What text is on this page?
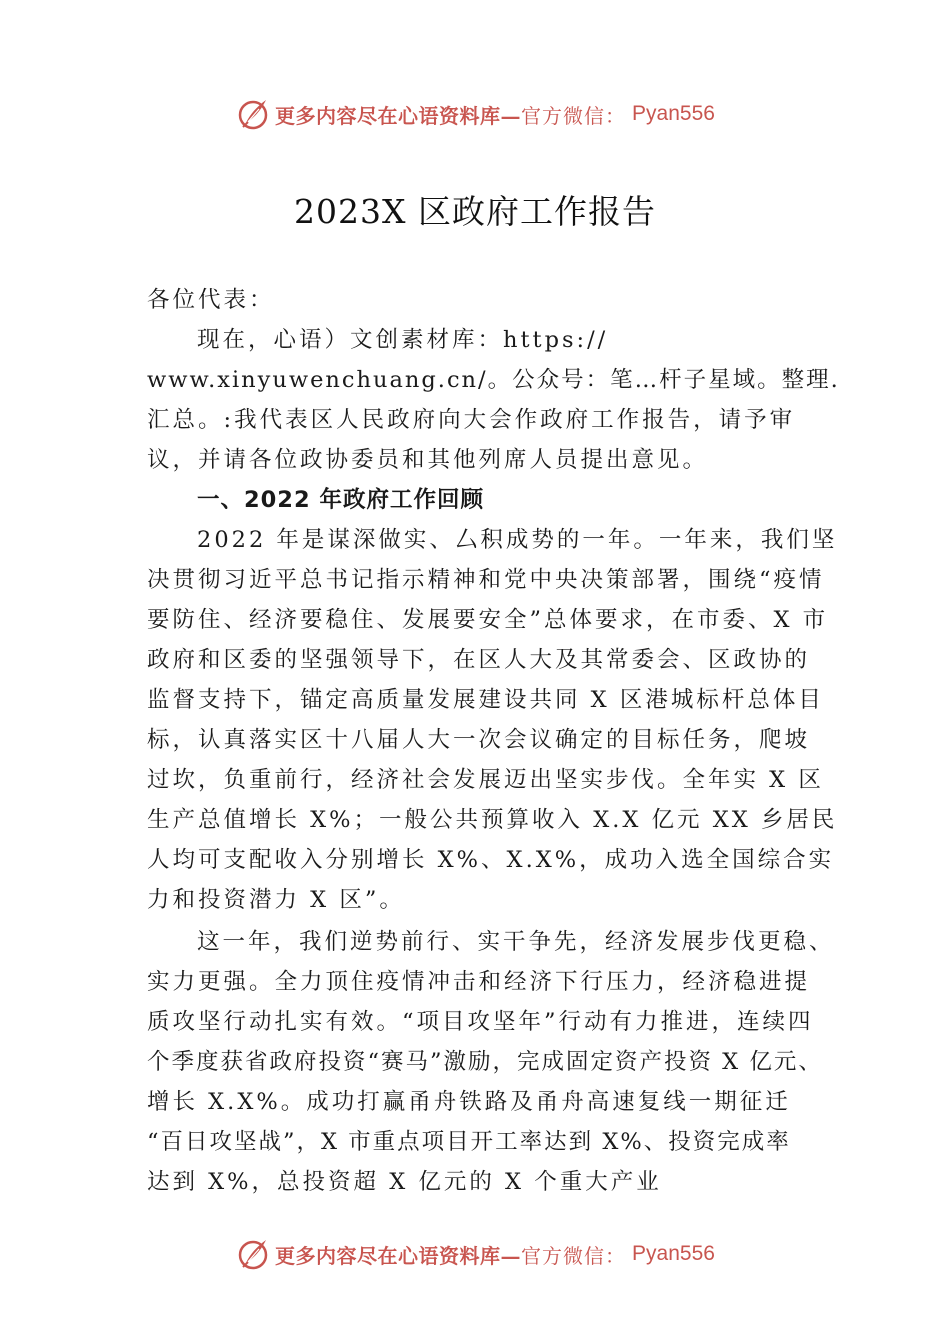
更多内容尽在心语资料库— 官方微信： Pyan556
2023X 区政府工作报告
各位代表：
现在，心语）文创素材库：https://
www.xinyuwenchuang.cn/。公众号：笔…杆子星域。整理.
汇总。:我代表区人民政府向大会作政府工作报告，请予审
议，并请各位政协委员和其他列席人员提出意见。
一、2022 年政府工作回顾
2022 年是谋深做实、厶积成势的一年。一年来，我们坚
决贯彻习近平总书记指示精神和党中央决策部署，围绕“疫情
要防住、经济要稳住、发展要安全”总体要求，在市委、X 市
政府和区委的坚强领导下，在区人大及其常委会、区政协的
监督支持下，锚定高质量发展建设共同 X 区港城标杆总体目
标，认真落实区十八届人大一次会议确定的目标任务，爬坡
过坎，负重前行，经济社会发展迈出坚实步伐。全年实 X 区
生产总值增长 X%；一般公共预算收入 X.X 亿元 XX 乡居民
人均可支配收入分别增长 X%、X.X%，成功入选全国综合实
力和投资潜力 X 区”。
这一年，我们逆势前行、实干争先，经济发展步伐更稳、
实力更强。全力顶住疫情冲击和经济下行压力，经济稳进提
质攻坚行动扎实有效。“项目攻坚年”行动有力推进，连续四
个季度获省政府投资“赛马”激励，完成固定资产投资 X 亿元、
增长 X.X%。成功打赢甬舟铁路及甬舟高速复线一期征迁
“百日攻坚战”，X 市重点项目开工率达到 X%、投资完成率
达到 X%，总投资超 X 亿元的 X 个重大产业
更多内容尽在心语资料库— 官方微信： Pyan556
